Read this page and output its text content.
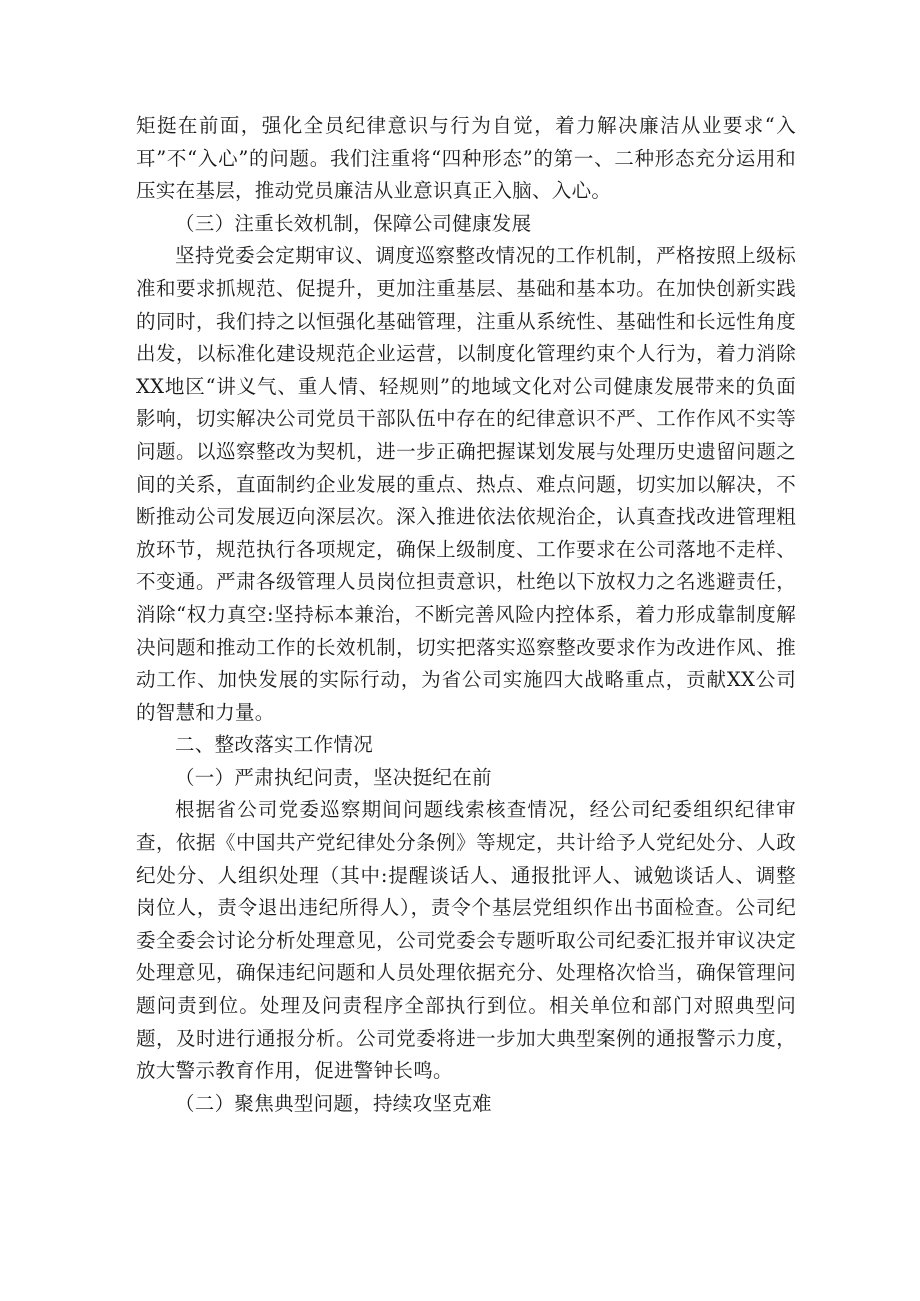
矩挺在前面，强化全员纪律意识与行为自觉，着力解决廉洁从业要求“入耳”不“入心”的问题。我们注重将“四种形态”的第一、二种形态充分运用和压实在基层，推动党员廉洁从业意识真正入脑、入心。

（三）注重长效机制，保障公司健康发展

坚持党委会定期审议、调度巡察整改情况的工作机制，严格按照上级标准和要求抓规范、促提升，更加注重基层、基础和基本功。在加快创新实践的同时，我们持之以恒强化基础管理，注重从系统性、基础性和长远性角度出发，以标准化建设规范企业运营，以制度化管理约束个人行为，着力消除XX地区“讲义气、重人情、轻规则”的地域文化对公司健康发展带来的负面影响，切实解决公司党员干部队伍中存在的纪律意识不严、工作作风不实等问题。以巡察整改为契机，进一步正确把握谋划发展与处理历史遗留问题之间的关系，直面制约企业发展的重点、热点、难点问题，切实加以解决，不断推动公司发展迈向深层次。深入推进依法依规治企，认真查找改进管理粗放环节，规范执行各项规定，确保上级制度、工作要求在公司落地不走样、不变通。严肃各级管理人员岗位担责意识，杜绝以下放权力之名逃避责任，消除“权力真空:坚持标本兼治，不断完善风险内控体系，着力形成靠制度解决问题和推动工作的长效机制，切实把落实巡察整改要求作为改进作风、推动工作、加快发展的实际行动，为省公司实施四大战略重点，贡献XX公司的智慧和力量。

二、整改落实工作情况

（一）严肃执纪问责，坚决挺纪在前

根据省公司党委巡察期间问题线索核查情况，经公司纪委组织纪律审查，依据《中国共产党纪律处分条例》等规定，共计给予人党纪处分、人政纪处分、人组织处理（其中:提醒谈话人、通报批评人、诫勉谈话人、调整岗位人，责令退出违纪所得人），责令个基层党组织作出书面检查。公司纪委全委会讨论分析处理意见，公司党委会专题听取公司纪委汇报并审议决定处理意见，确保违纪问题和人员处理依据充分、处理格次恰当，确保管理问题问责到位。处理及问责程序全部执行到位。相关单位和部门对照典型问题，及时进行通报分析。公司党委将进一步加大典型案例的通报警示力度，放大警示教育作用，促进警钟长鸣。

（二）聚焦典型问题，持续攻坚克难
